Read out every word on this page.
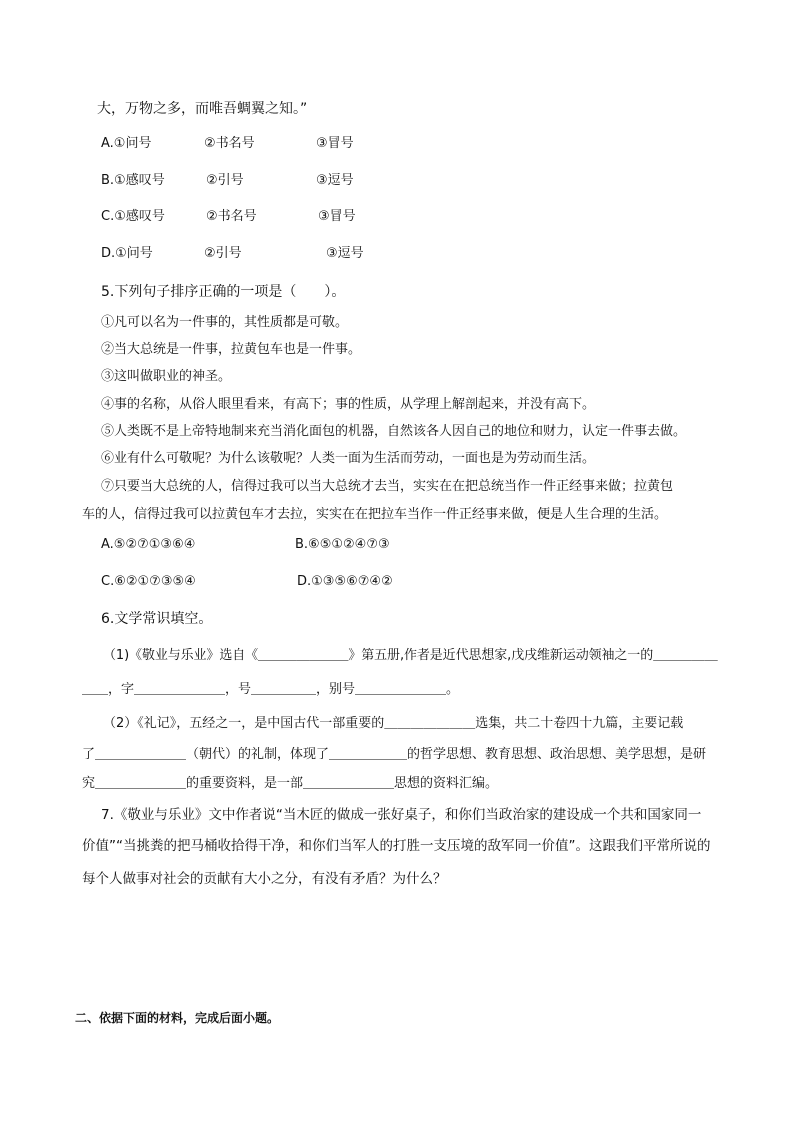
大，万物之多，而唯吾蜩翼之知。”
A.①问号	②书名号	③冒号
B.①感叹号	②引号	③逗号
C.①感叹号	②书名号	③冒号
D.①问号	②引号	③逗号
5.下列句子排序正确的一项是（　　）。
①凡可以名为一件事的，其性质都是可敬。
②当大总统是一件事，拉黄包车也是一件事。
③这叫做职业的神圣。
④事的名称，从俗人眼里看来，有高下；事的性质，从学理上解剖起来，并没有高下。
⑤人类既不是上帝特地制来充当消化面包的机器，自然该各人因自己的地位和财力，认定一件事去做。
⑥业有什么可敬呢？为什么该敬呢？人类一面为生活而劳动，一面也是为劳动而生活。
⑦只要当大总统的人，信得过我可以当大总统才去当，实实在在把总统当作一件正经事来做；拉黄包
车的人，信得过我可以拉黄包车才去拉，实实在在把拉车当作一件正经事来做，便是人生合理的生活。
A.⑤②⑦①③⑥④	B.⑥⑤①②④⑦③
C.⑥②①⑦③⑤④	D.①③⑤⑥⑦④②
6.文学常识填空。
（1)《敬业与乐业》选自《＿＿＿＿＿＿＿》第五册,作者是近代思想家,戊戌维新运动领袖之一的＿＿＿＿＿
＿＿，字＿＿＿＿＿＿＿，号＿＿＿＿＿，别号＿＿＿＿＿＿＿。
（2）《礼记》，五经之一，是中国古代一部重要的＿＿＿＿＿＿＿选集，共二十卷四十九篇，主要记载
了＿＿＿＿＿＿＿（朝代）的礼制，体现了＿＿＿＿＿＿的哲学思想、教育思想、政治思想、美学思想，是研
究＿＿＿＿＿＿＿的重要资料，是一部＿＿＿＿＿＿＿思想的资料汇编。
7.《敬业与乐业》文中作者说“当木匠的做成一张好桌子，和你们当政治家的建设成一个共和国家同一
价值”“当挑粪的把马桶收拾得干净，和你们当军人的打胜一支压境的敌军同一价值”。这跟我们平常所说的
每个人做事对社会的贡献有大小之分，有没有矛盾？为什么？
二、依据下面的材料，完成后面小题。
